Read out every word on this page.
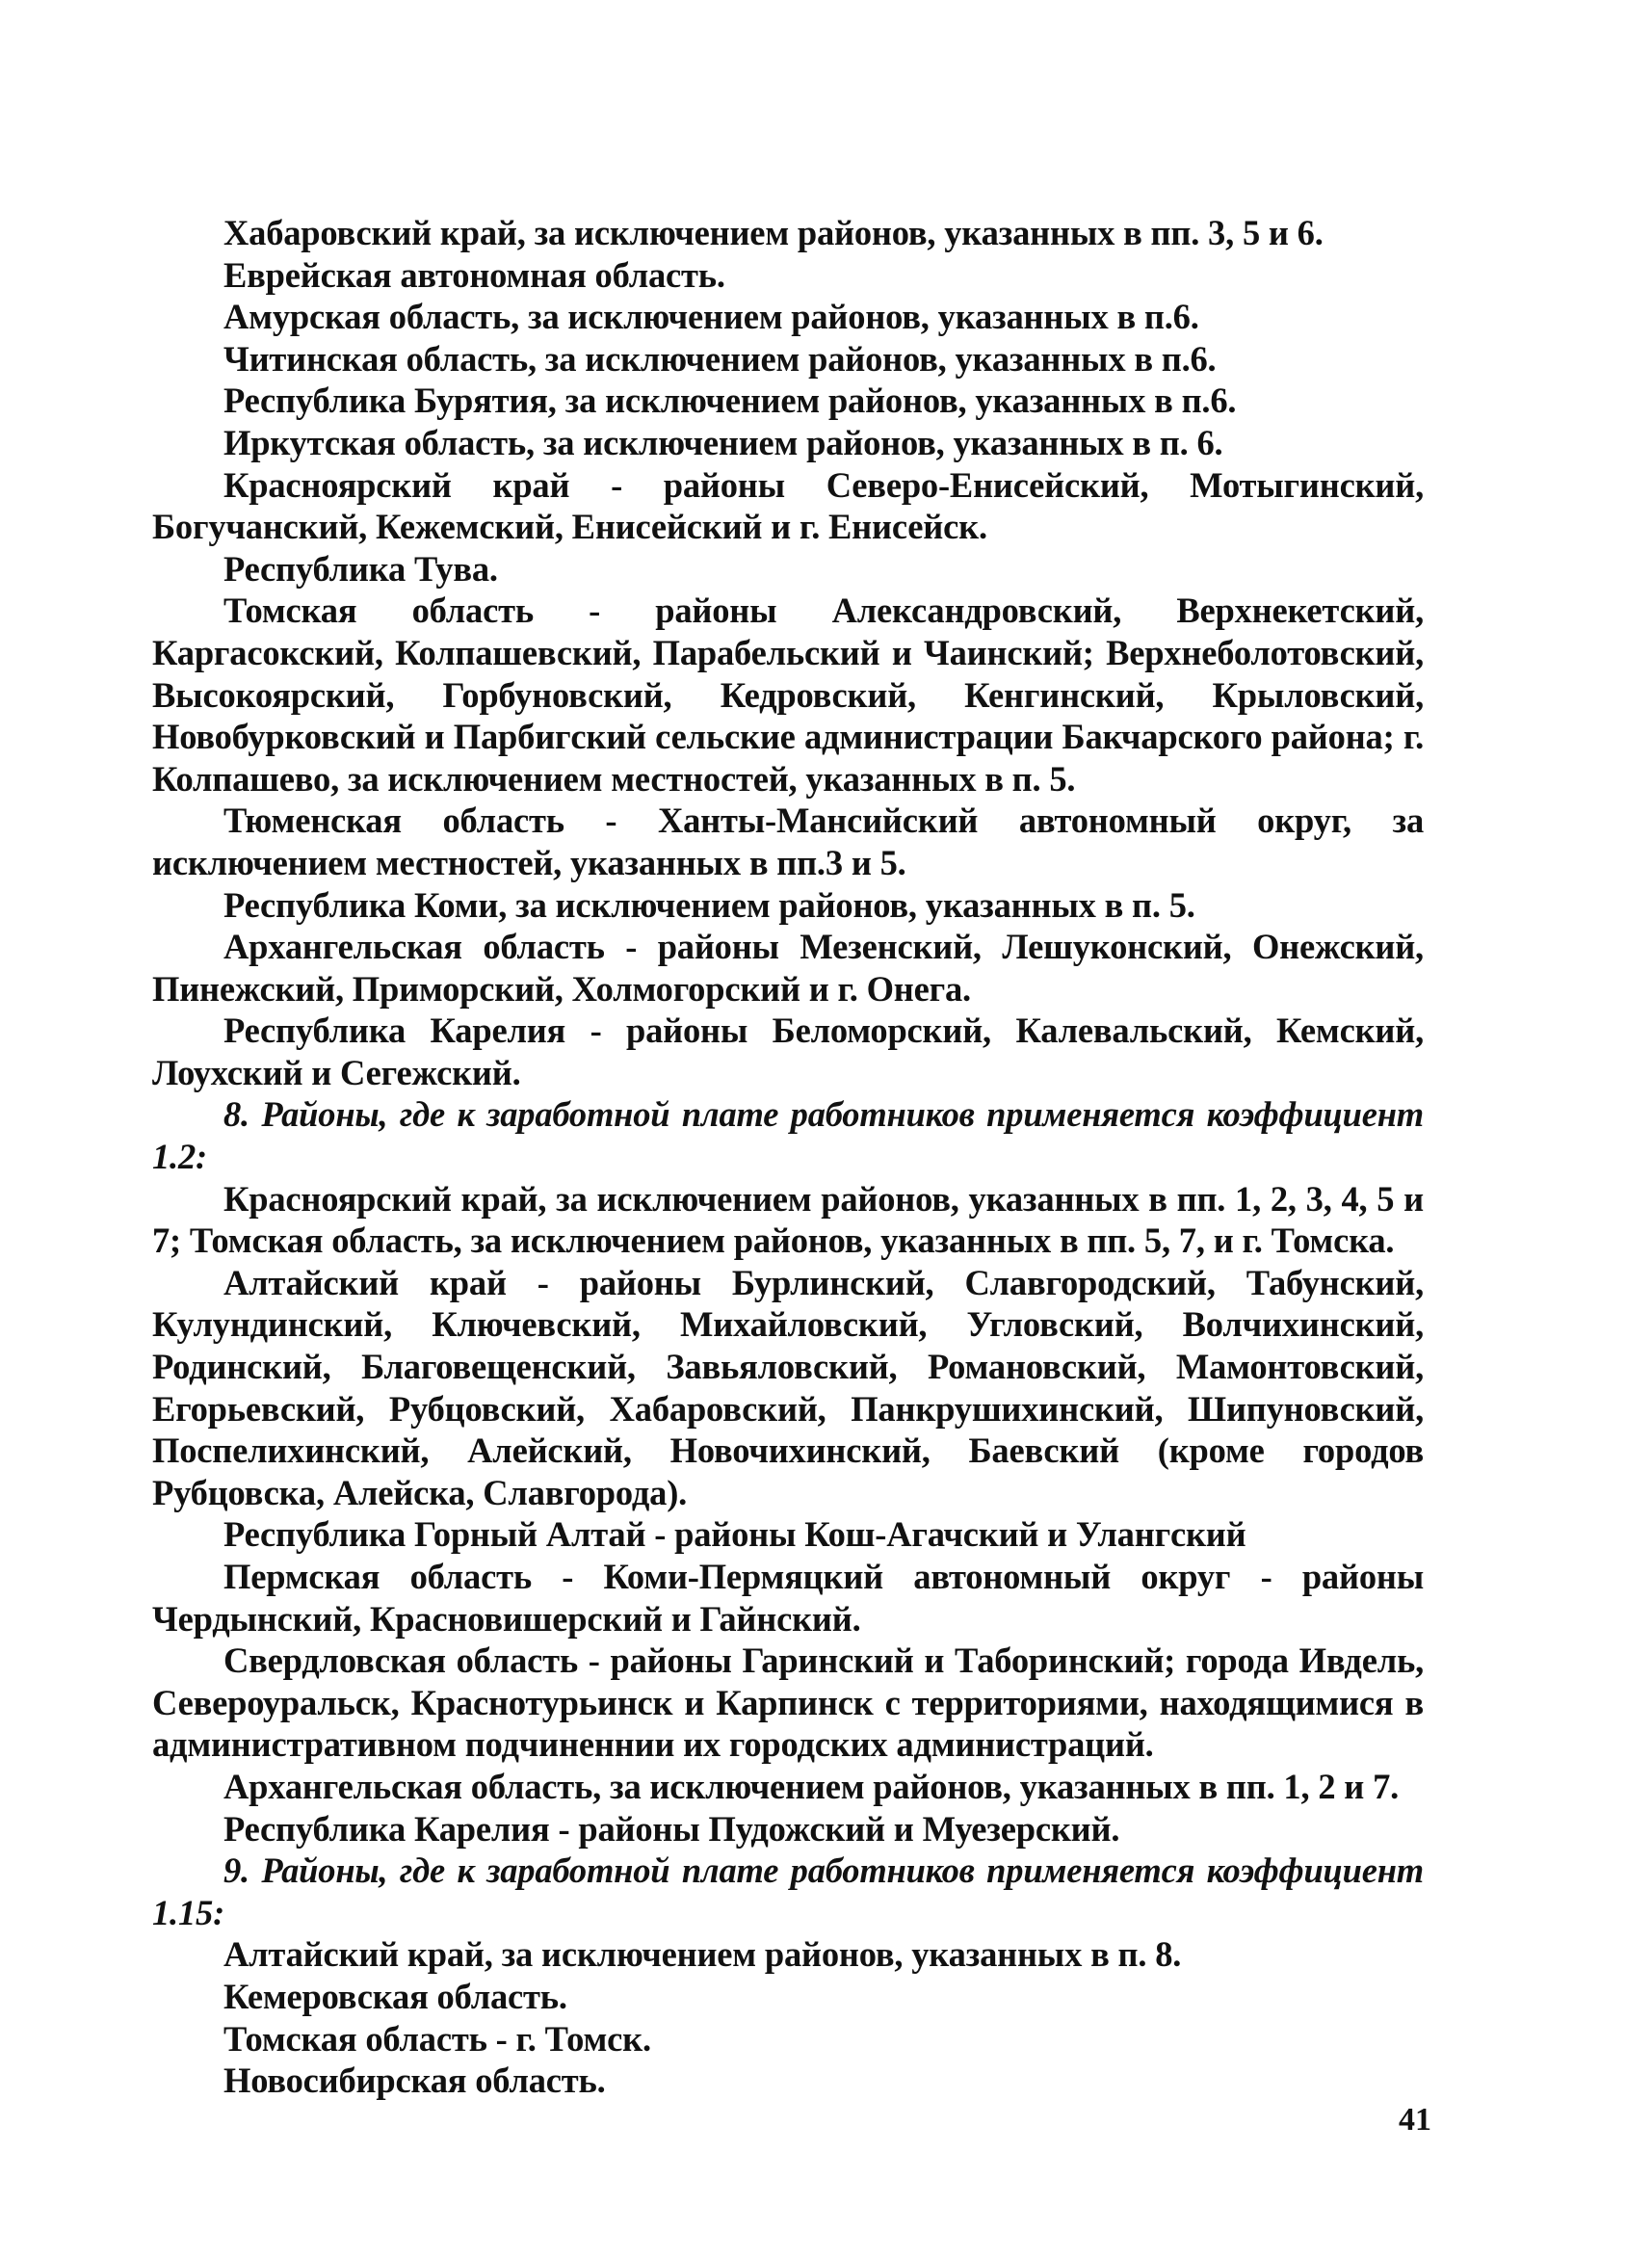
Хабаровский край, за исключением районов, указанных в пп. 3, 5 и 6.

Еврейская автономная область.

Амурская область, за исключением районов, указанных в п.6.

Читинская область, за исключением районов, указанных в п.6.

Республика Бурятия, за исключением районов, указанных в п.6.

Иркутская область, за исключением районов, указанных в п. 6.

Красноярский край - районы Северо-Енисейский, Мотыгинский, Богучанский, Кежемский, Енисейский и г. Енисейск.

Республика Тува.

Томская область - районы Александровский, Верхнекетский, Каргасокский, Колпашевский, Парабельский и Чаинский; Верхнеболотовский, Высокоярский, Горбуновский, Кедровский, Кенгинский, Крыловский, Новобурковский и Парбигский сельские администрации Бакчарского района; г. Колпашево, за исключением местностей, указанных в п. 5.

Тюменская область - Ханты-Мансийский автономный округ, за исключением местностей, указанных в пп.3 и 5.

Республика Коми, за исключением районов, указанных в п. 5.

Архангельская область - районы Мезенский, Лешуконский, Онежский, Пинежский, Приморский, Холмогорский и г. Онега.

Республика Карелия - районы Беломорский, Калевальский, Кемский, Лоухский и Сегежский.

8. Районы, где к заработной плате работников применяется коэффициент 1.2:

Красноярский край, за исключением районов, указанных в пп. 1, 2, 3, 4, 5 и 7; Томская область, за исключением районов, указанных в пп. 5, 7, и г. Томска.

Алтайский край - районы Бурлинский, Славгородский, Табунский, Кулундинский, Ключевский, Михайловский, Угловский, Волчихинский, Родинский, Благовещенский, Завьяловский, Романовский, Мамонтовский, Егорьевский, Рубцовский, Хабаровский, Панкрушихинский, Шипуновский, Поспелихинский, Алейский, Новочихинский, Баевский (кроме городов Рубцовска, Алейска, Славгорода).

Республика Горный Алтай - районы Кош-Агачский и Улангский

Пермская область - Коми-Пермяцкий автономный округ - районы Чердынский, Красновишерский и Гайнский.

Свердловская область - районы Гаринский и Таборинский; города Ивдель, Североуральск, Краснотурьинск и Карпинск с территориями, находящимися в административном подчиненнии их городских администраций.

Архангельская область, за исключением районов, указанных в пп. 1, 2 и 7.

Республика Карелия - районы Пудожский и Муезерский.

9. Районы, где к заработной плате работников применяется коэффициент 1.15:

Алтайский край, за исключением районов, указанных в п. 8.

Кемеровская область.

Томская область - г. Томск.

Новосибирская область.

41
